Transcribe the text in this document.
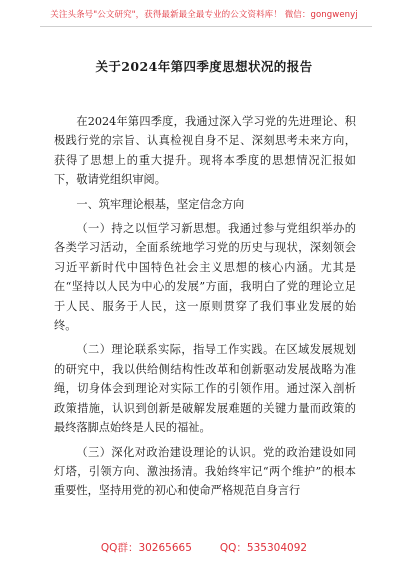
关注头条号"公文研究"，获得最新最全最专业的公文资料库！ 微信：gongwenyj
关于2024年第四季度思想状况的报告

在2024年第四季度，我通过深入学习党的先进理论、积极践行党的宗旨、认真检视自身不足、深刻思考未来方向，获得了思想上的重大提升。现将本季度的思想情况汇报如下，敬请党组织审阅。

一、筑牢理论根基，坚定信念方向

（一）持之以恒学习新思想。我通过参与党组织举办的各类学习活动，全面系统地学习党的历史与现状，深刻领会习近平新时代中国特色社会主义思想的核心内涵。尤其是在“坚持以人民为中心的发展”方面，我明白了党的理论立足于人民、服务于人民，这一原则贯穿了我们事业发展的始终。

（二）理论联系实际，指导工作实践。在区域发展规划的研究中，我以供给侧结构性改革和创新驱动发展战略为准绳，切身体会到理论对实际工作的引领作用。通过深入剖析政策措施，认识到创新是破解发展难题的关键力量而政策的最终落脚点始终是人民的福祉。

（三）深化对政治建设理论的认识。党的政治建设如同灯塔，引领方向、激浊扬清。我始终牢记“两个维护”的根本重要性，坚持用党的初心和使命严格规范自身言行

QQ群：30265665	QQ：535304092
